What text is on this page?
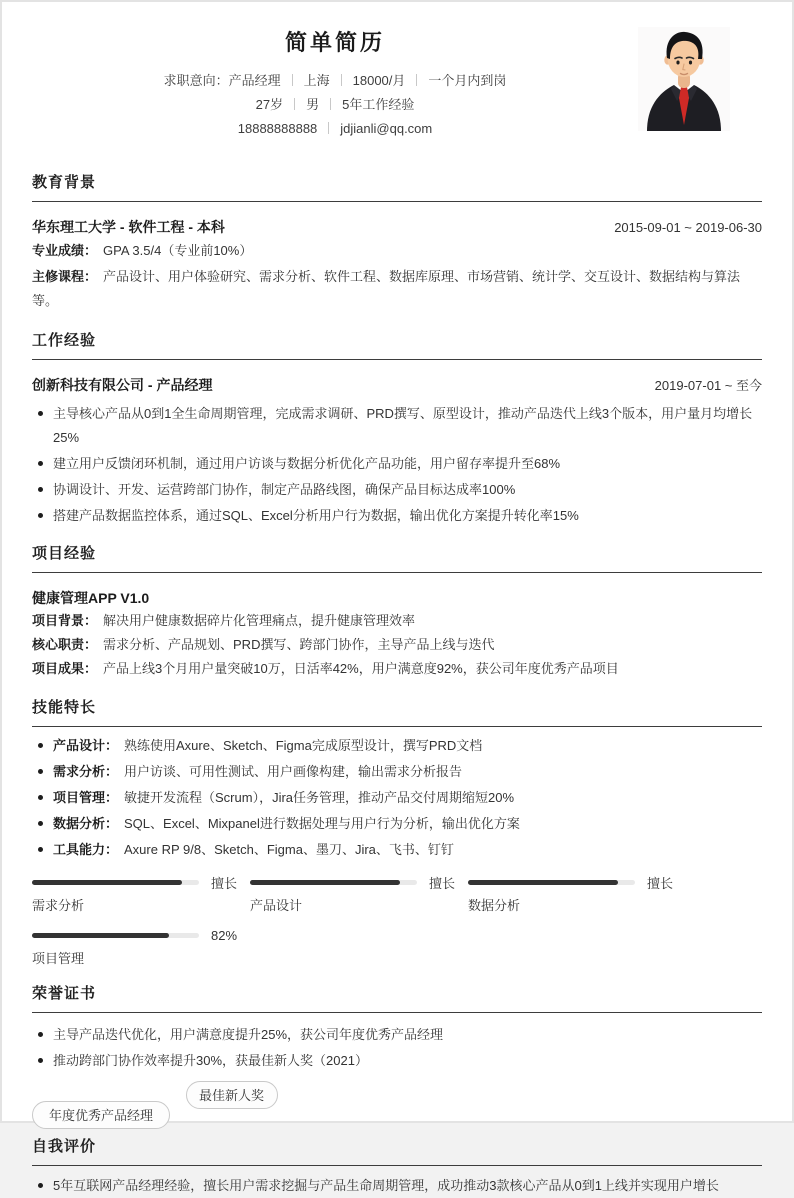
简单简历
求职意向：产品经理 上海 18000/月 一个月内到岗
27岁 男 5年工作经验
18888888888 jdjianli@qq.com
教育背景
华东理工大学 - 软件工程 - 本科	2015-09-01 ~ 2019-06-30
专业成绩： GPA 3.5/4（专业前10%）
主修课程： 产品设计、用户体验研究、需求分析、软件工程、数据库原理、市场营销、统计学、交互设计、数据结构与算法等。
工作经验
创新科技有限公司 - 产品经理	2019-07-01 ~ 至今
主导核心产品从0到1全生命周期管理，完成需求调研、PRD撰写、原型设计，推动产品迭代上线3个版本，用户量月均增长25%
建立用户反馈闭环机制，通过用户访谈与数据分析优化产品功能，用户留存率提升至68%
协调设计、开发、运营跨部门协作，制定产品路线图，确保产品目标达成率100%
搭建产品数据监控体系，通过SQL、Excel分析用户行为数据，输出优化方案提升转化率15%
项目经验
健康管理APP V1.0
项目背景： 解决用户健康数据碎片化管理痛点，提升健康管理效率
核心职责： 需求分析、产品规划、PRD撰写、跨部门协作，主导产品上线与迭代
项目成果： 产品上线3个月用户量突破10万，日活率42%，用户满意度92%，获公司年度优秀产品项目
技能特长
产品设计： 熟练使用Axure、Sketch、Figma完成原型设计，撰写PRD文档
需求分析： 用户访谈、可用性测试、用户画像构建，输出需求分析报告
项目管理： 敏捷开发流程（Scrum），Jira任务管理，推动产品交付周期缩短20%
数据分析： SQL、Excel、Mixpanel进行数据处理与用户行为分析，输出优化方案
工具能力： Axure RP 9/8、Sketch、Figma、墨刀、Jira、飞书、钉钉
擅长
需求分析
擅长
产品设计
擅长
数据分析
82%
项目管理
荣誉证书
主导产品迭代优化，用户满意度提升25%，获公司年度优秀产品经理
推动跨部门协作效率提升30%，获最佳新人奖（2021）
年度优秀产品经理
最佳新人奖
自我评价
5年互联网产品经理经验，擅长用户需求挖掘与产品生命周期管理，成功推动3款核心产品从0到1上线并实现用户增长
